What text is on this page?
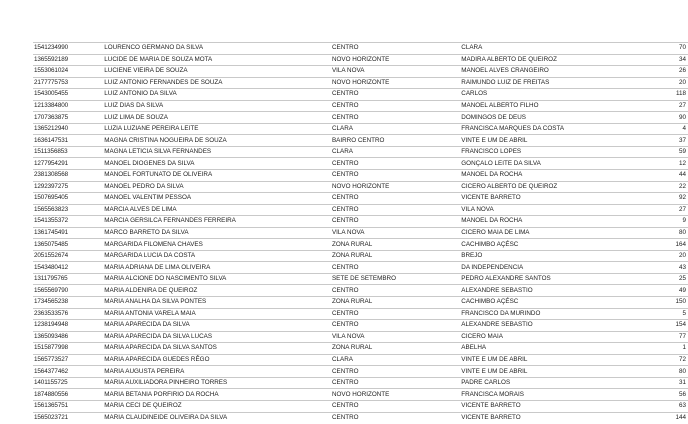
1541234990	LOURENCO GERMANO DA SILVA	CENTRO	CLARA	70
1365592189	LUCIDE DE MARIA DE SOUZA MOTA	NOVO HORIZONTE	MADIRA ALBERTO DE QUEIROZ	34
1553061024	LUCIENE VIEIRA DE SOUZA	VILA NOVA	MANOEL ALVES CRANGEIRO	26
2177775753	LUIZ ANTONIO FERNANDES DE SOUZA	NOVO HORIZONTE	RAIMUNDO LUIZ DE FREITAS	20
1543005455	LUIZ ANTONIO DA SILVA	CENTRO	CARLOS	118
1213384800	LUIZ DIAS DA SILVA	CENTRO	MANOEL ALBERTO FILHO	27
1707363875	LUIZ LIMA DE SOUZA	CENTRO	DOMINGOS DE DEUS	90
1365212940	LUZIA LUZIANE PEREIRA LEITE	CLARA	FRANCISCA MARQUES DA COSTA	4
1636147531	MAGNA CRISTINA NOGUEIRA DE SOUZA	BAIRRO CENTRO	VINTE E UM DE ABRIL	37
1511356853	MAGNA LETICIA SILVA FERNANDES	CLARA	FRANCISCO LOPES	59
1277954291	MANOEL DIOGENES DA SILVA	CENTRO	GONÇALO LEITE DA SILVA	12
2381308568	MANOEL FORTUNATO DE OLIVEIRA	CENTRO	MANOEL DA ROCHA	44
1292397275	MANOEL PEDRO DA SILVA	NOVO HORIZONTE	CICERO ALBERTO DE QUEIROZ	22
1507695405	MANOEL VALENTIM PESSOA	CENTRO	VICENTE BARRETO	92
1565563823	MARCIA ALVES DE LIMA	CENTRO	VILA NOVA	27
1541355372	MARCIA GERSILCA FERNANDES FERREIRA	CENTRO	MANOEL DA ROCHA	9
1361745491	MARCO BARRETO DA SILVA	VILA NOVA	CICERO MAIA DE LIMA	80
1365075485	MARGARIDA FILOMENA CHAVES	ZONA RURAL	CACHIMBO AÇÉSC	164
2051552674	MARGARIDA LUCIA DA COSTA	ZONA RURAL	BREJO	20
1543480412	MARIA ADRIANA DE LIMA OLIVEIRA	CENTRO	DA INDEPENDENCIA	43
1311795765	MARIA ALCIONE DO NASCIMENTO SILVA	SETE DE SETEMBRO	PEDRO ALEXANDRE SANTOS	25
1565569790	MARIA ALDENIRA DE QUEIROZ	CENTRO	ALEXANDRE SEBASTIO	49
1734565238	MARIA ANALHA DA SILVA PONTES	ZONA RURAL	CACHIMBO AÇÉSC	150
2363533576	MARIA ANTONIA VARELA MAIA	CENTRO	FRANCISCO DA MURINDO	5
1238194948	MARIA APARECIDA DA SILVA	CENTRO	ALEXANDRE SEBASTIO	154
1365093486	MARIA APARECIDA DA SILVA LUCAS	VILA NOVA	CICERO MAIA	77
1515877998	MARIA APARECIDA DA SILVA SANTOS	ZONA RURAL	ABELHA	1
1565773527	MARIA APARECIDA GUEDES RÊGO	CLARA	VINTE E UM DE ABRIL	72
1564377462	MARIA AUGUSTA PEREIRA	CENTRO	VINTE E UM DE ABRIL	80
1401155725	MARIA AUXILIADORA PINHEIRO TORRES	CENTRO	PADRE CARLOS	31
1874880556	MARIA BETANIA PORFIRIO DA ROCHA	NOVO HORIZONTE	FRANCISCA MORAIS	56
1561365751	MARIA CECI DE QUEIROZ	CENTRO	VICENTE BARRETO	63
1565023721	MARIA CLAUDINEIDE OLIVEIRA DA SILVA	CENTRO	VICENTE BARRETO	144
